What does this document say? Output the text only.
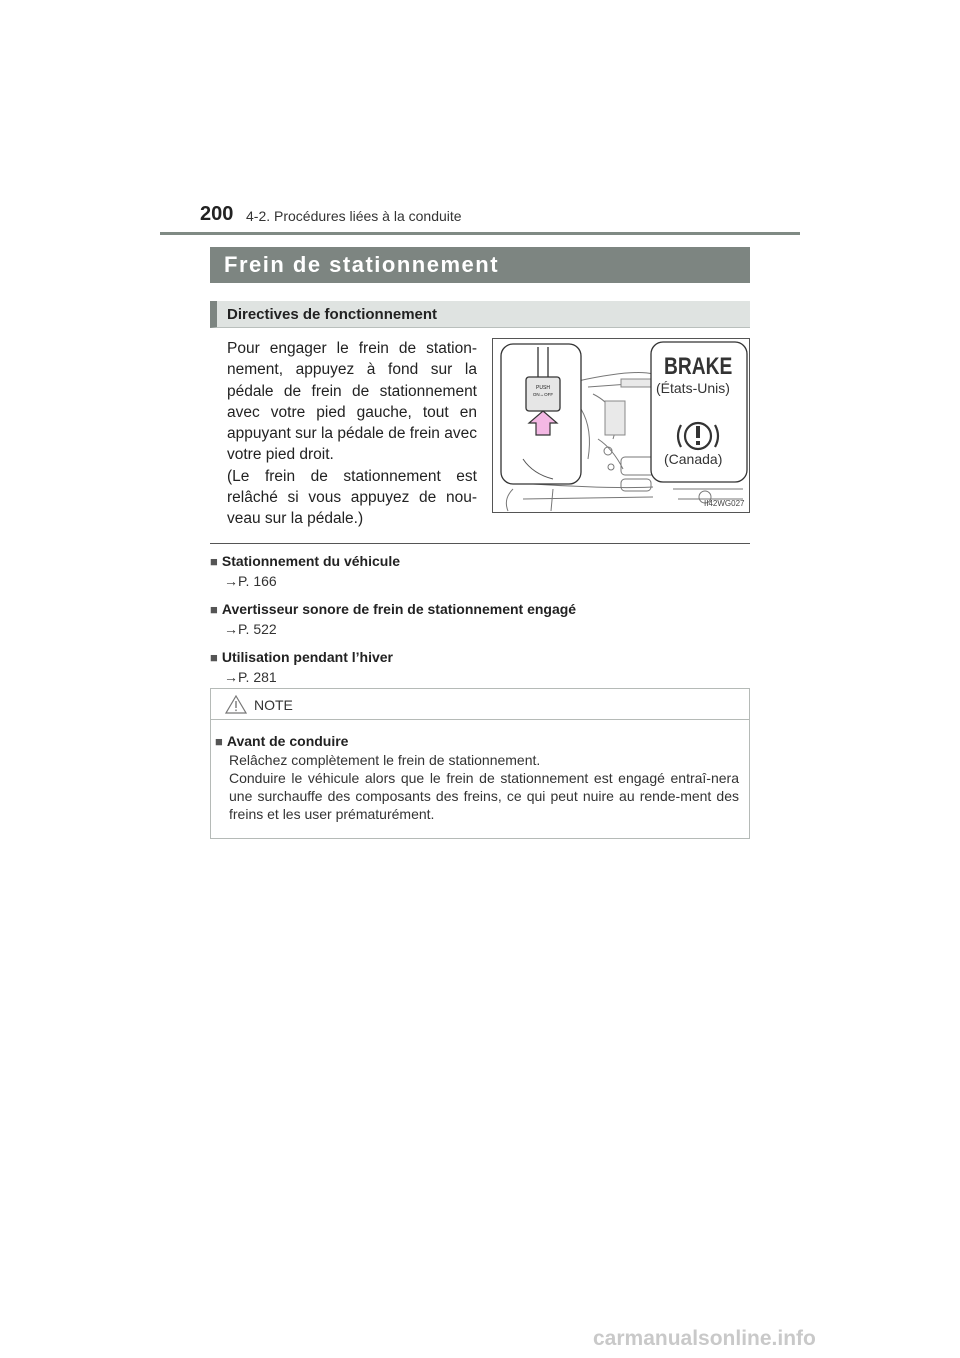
200 4-2. Procédures liées à la conduite
Frein de stationnement
Directives de fonctionnement

Pour engager le frein de station-nement, appuyez à fond sur la pédale de frein de stationnement avec votre pied gauche, tout en appuyant sur la pédale de frein avec votre pied droit.

(Le frein de stationnement est relâché si vous appuyez de nou-veau sur la pédale.)

PUSH
ON↔OFF
BRAKE
(États-Unis)
(Canada)
II42WG027
■ Stationnement du véhicule
→P. 166
■ Avertisseur sonore de frein de stationnement engagé
→P. 522
■ Utilisation pendant l’hiver
→P. 281
NOTE
■ Avant de conduire

Relâchez complètement le frein de stationnement.

Conduire le véhicule alors que le frein de stationnement est engagé entraî-nera une surchauffe des composants des freins, ce qui peut nuire au rende-ment des freins et les user prématurément.

carmanualsonline.info
